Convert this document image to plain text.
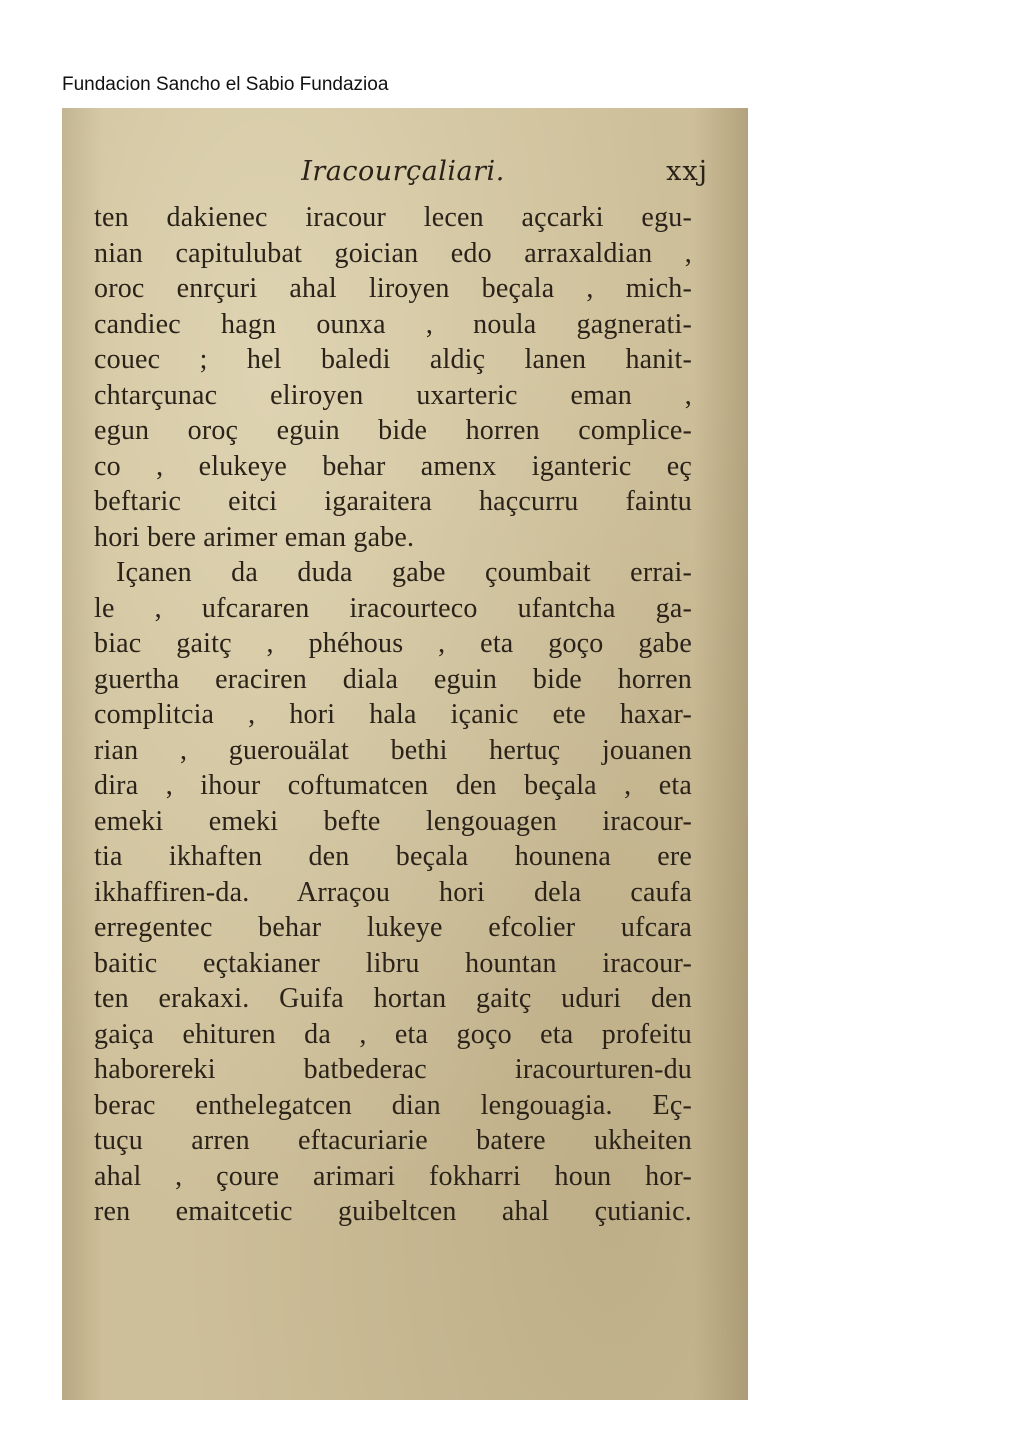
Fundacion Sancho el Sabio Fundazioa
Iracourçaliari.	xxj
ten dakienec iracour lecen açcarki egu-
nian capitulubat goician edo arraxaldian ,
oroc enrçuri ahal liroyen beçala , mich-
candiec hagn ounxa , noula gagnerati-
couec ; hel baledi aldiç lanen hanit-
chtarçunac eliroyen uxarteric eman ,
egun oroç eguin bide horren complice-
co , elukeye behar amenx iganteric eç
beftaric eitci igaraitera haçcurru faintu
hori bere arimer eman gabe.
Içanen da duda gabe çoumbait errai-
le , ufcararen iracourteco ufantcha ga-
biac gaitç , phéhous , eta goço gabe
guertha eraciren diala eguin bide horren
complitcia , hori hala içanic ete haxar-
rian , guerouälat bethi hertuç jouanen
dira , ihour coftumatcen den beçala , eta
emeki emeki befte lengouagen iracour-
tia ikhaften den beçala hounena ere
ikhaffiren-da. Arraçou hori dela caufa
erregentec behar lukeye efcolier ufcara
baitic eçtakianer libru hountan iracour-
ten erakaxi. Guifa hortan gaitç uduri den
gaiça ehituren da , eta goço eta profeitu
haborereki batbederac iracourturen-du
berac enthelegatcen dian lengouagia. Eç-
tuçu arren eftacuriarie batere ukheiten
ahal , çoure arimari fokharri houn hor-
ren emaitcetic guibeltcen ahal çutianic.
